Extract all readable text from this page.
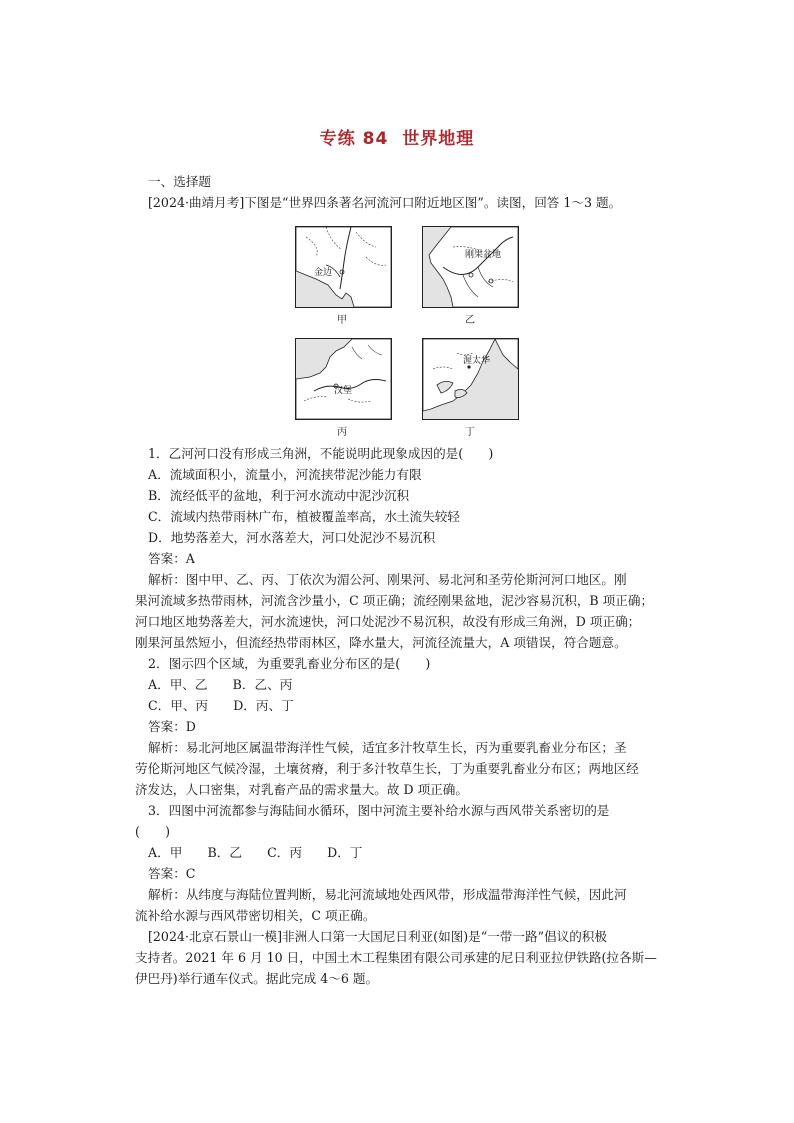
专练 84 世界地理
一、选择题
[2024·曲靖月考]下图是“世界四条著名河流河口附近地区图”。读图，回答 1～3 题。
金边
甲
刚果盆地
乙
汉堡
丙
渥太华
丁
1．乙河河口没有形成三角洲，不能说明此现象成因的是(　　)
A．流域面积小，流量小，河流挟带泥沙能力有限
B．流经低平的盆地，利于河水流动中泥沙沉积
C．流域内热带雨林广布，植被覆盖率高，水土流失较轻
D．地势落差大，河水落差大，河口处泥沙不易沉积
答案：A
解析：图中甲、乙、丙、丁依次为湄公河、刚果河、易北河和圣劳伦斯河河口地区。刚
果河流域多热带雨林，河流含沙量小，C 项正确；流经刚果盆地，泥沙容易沉积，B 项正确；
河口地区地势落差大，河水流速快，河口处泥沙不易沉积，故没有形成三角洲，D 项正确；
刚果河虽然短小，但流经热带雨林区，降水量大，河流径流量大，A 项错误，符合题意。
2．图示四个区域，为重要乳畜业分布区的是(　　)
A．甲、乙　　B．乙、丙
C．甲、丙　　D．丙、丁
答案：D
解析：易北河地区属温带海洋性气候，适宜多汁牧草生长，丙为重要乳畜业分布区；圣
劳伦斯河地区气候冷湿，土壤贫瘠，利于多汁牧草生长，丁为重要乳畜业分布区；两地区经
济发达，人口密集，对乳畜产品的需求量大。故 D 项正确。
3．四图中河流都参与海陆间水循环，图中河流主要补给水源与西风带关系密切的是
(　　)
A．甲　　B．乙　　C．丙　　D．丁
答案：C
解析：从纬度与海陆位置判断，易北河流域地处西风带，形成温带海洋性气候，因此河
流补给水源与西风带密切相关，C 项正确。
[2024·北京石景山一模]非洲人口第一大国尼日利亚(如图)是“一带一路”倡议的积极
支持者。2021 年 6 月 10 日，中国土木工程集团有限公司承建的尼日利亚拉伊铁路(拉各斯—
伊巴丹)举行通车仪式。据此完成 4～6 题。
